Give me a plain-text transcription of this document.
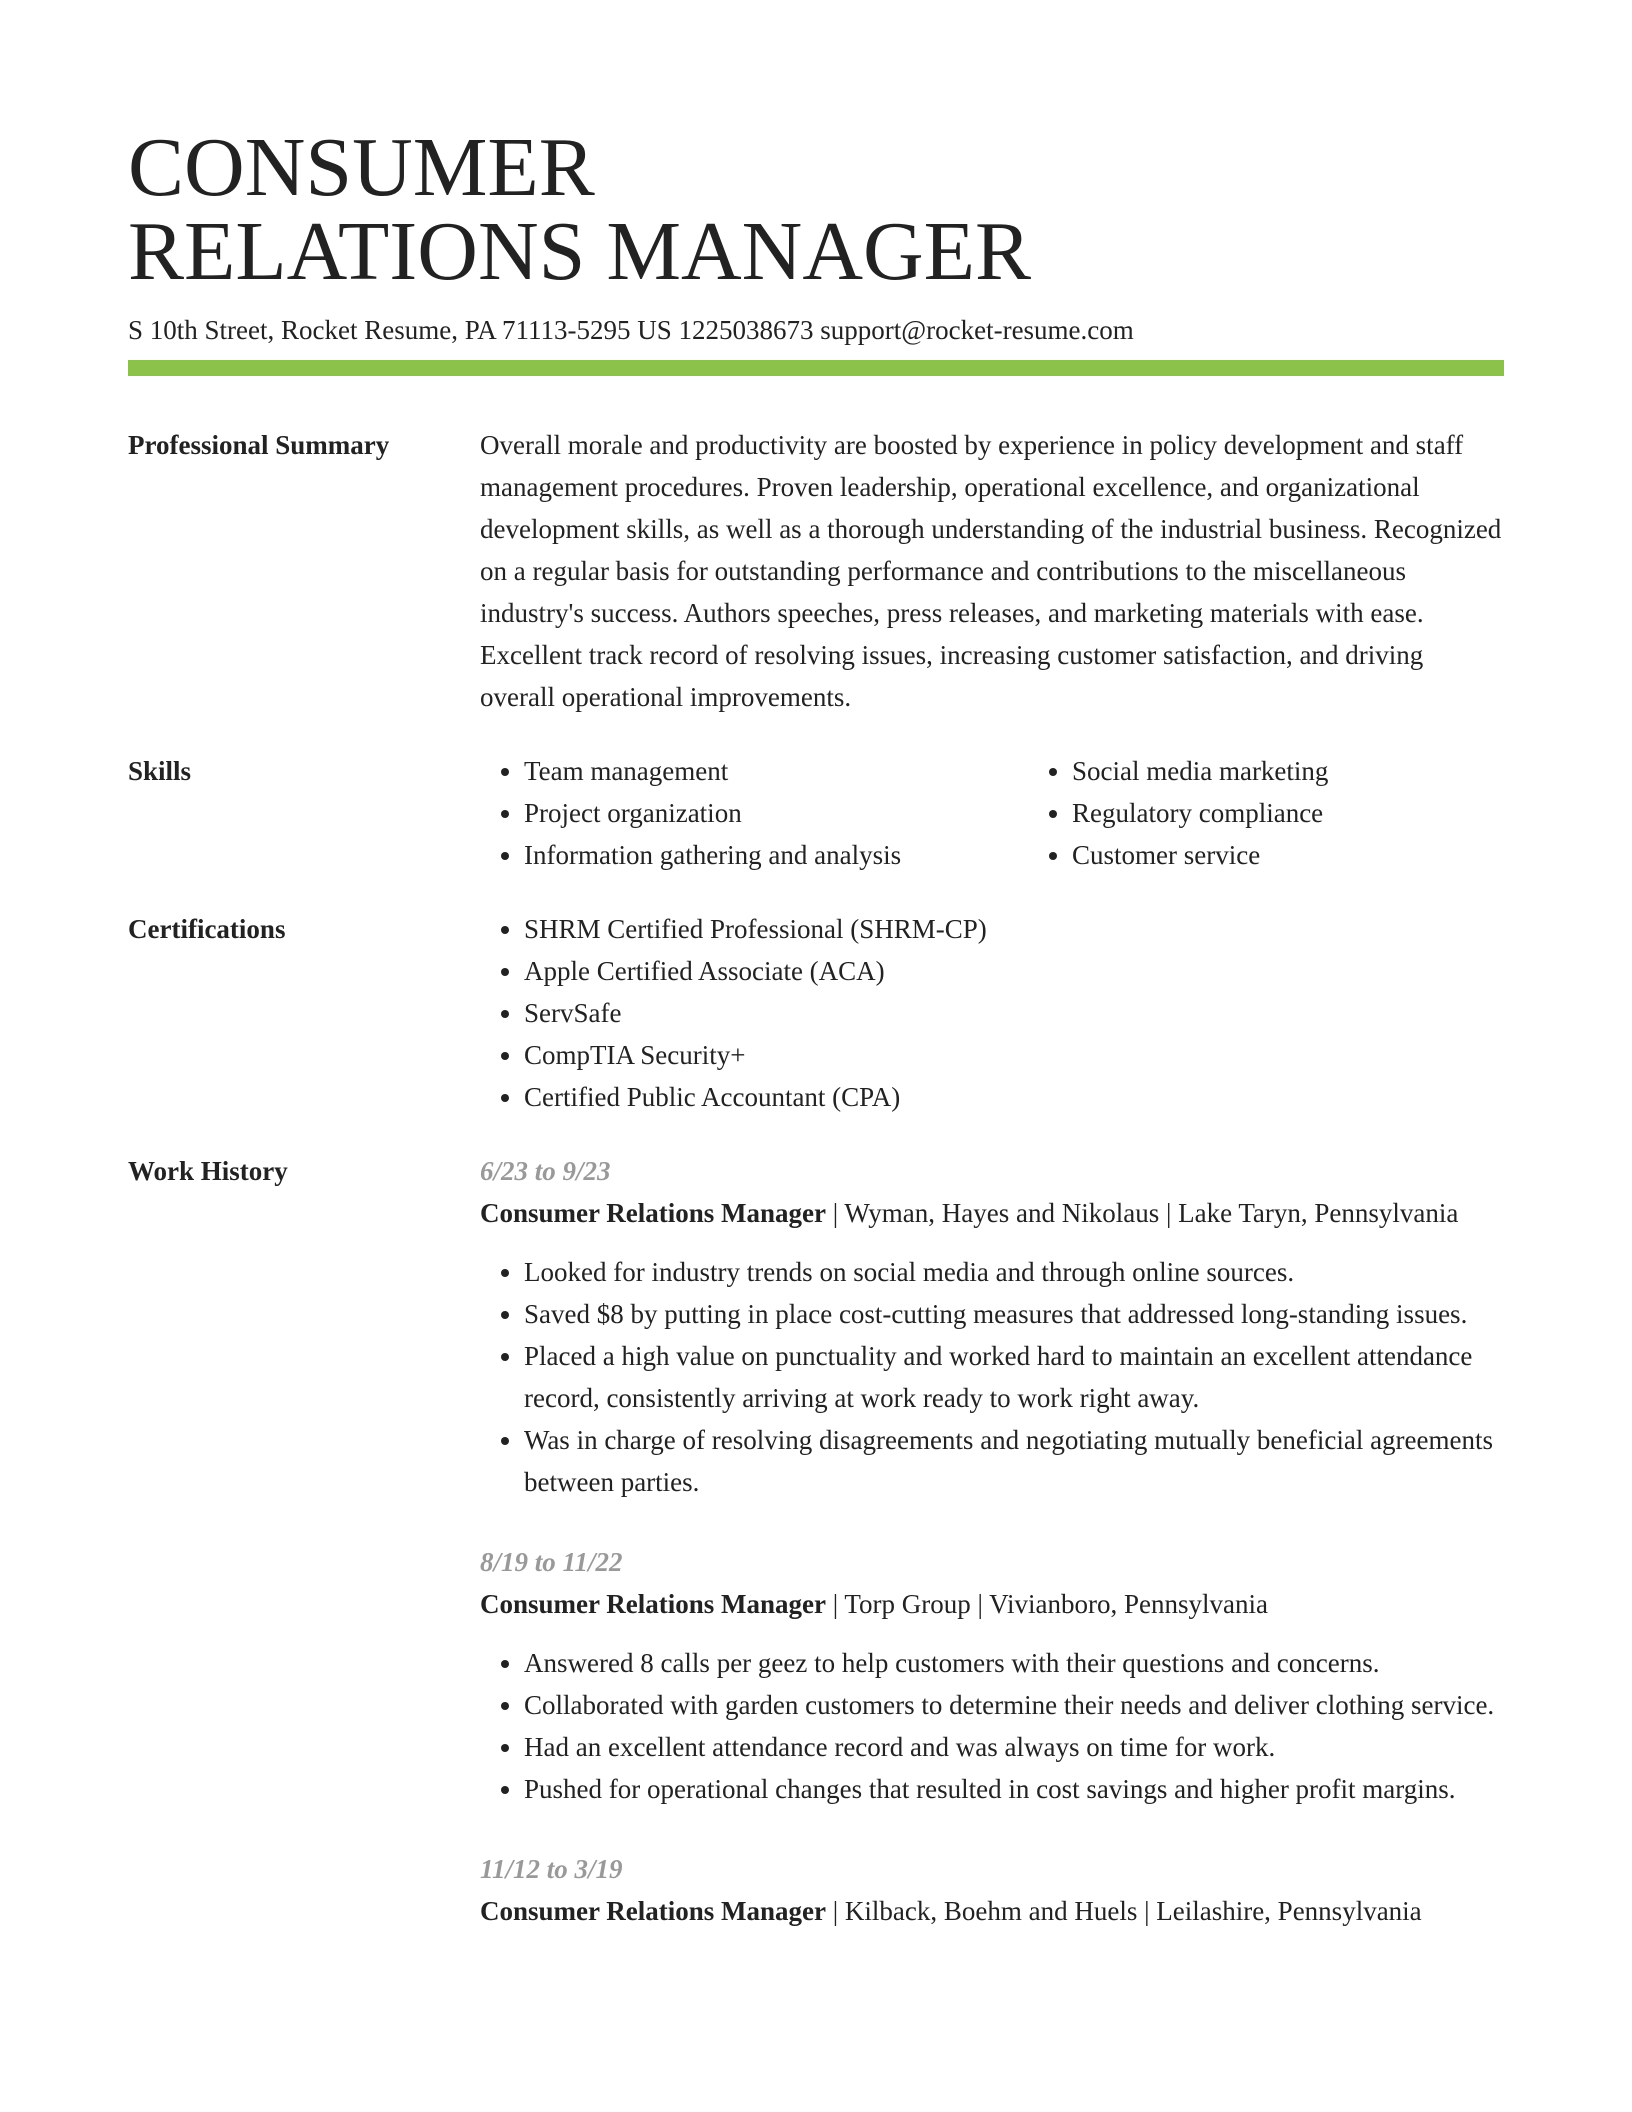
CONSUMER
RELATIONS MANAGER
S 10th Street, Rocket Resume, PA 71113-5295 US 1225038673 support@rocket-resume.com
Professional Summary	Overall morale and productivity are boosted by experience in policy development and staff management procedures. Proven leadership, operational excellence, and organizational development skills, as well as a thorough understanding of the industrial business. Recognized on a regular basis for outstanding performance and contributions to the miscellaneous industry's success. Authors speeches, press releases, and marketing materials with ease. Excellent track record of resolving issues, increasing customer satisfaction, and driving overall operational improvements.

Skills	• Team management
• Project organization
• Information gathering and analysis
• Social media marketing
• Regulatory compliance
• Customer service
Certifications	• SHRM Certified Professional (SHRM-CP)
• Apple Certified Associate (ACA)
• ServSafe
• CompTIA Security+
• Certified Public Accountant (CPA)
Work History	6/23 to 9/23
Consumer Relations Manager | Wyman, Hayes and Nikolaus | Lake Taryn, Pennsylvania
• Looked for industry trends on social media and through online sources.
• Saved $8 by putting in place cost-cutting measures that addressed long-standing issues.
• Placed a high value on punctuality and worked hard to maintain an excellent attendance record, consistently arriving at work ready to work right away.
• Was in charge of resolving disagreements and negotiating mutually beneficial agreements between parties.
8/19 to 11/22
Consumer Relations Manager | Torp Group | Vivianboro, Pennsylvania
• Answered 8 calls per geez to help customers with their questions and concerns.
• Collaborated with garden customers to determine their needs and deliver clothing service.
• Had an excellent attendance record and was always on time for work.
• Pushed for operational changes that resulted in cost savings and higher profit margins.
11/12 to 3/19
Consumer Relations Manager | Kilback, Boehm and Huels | Leilashire, Pennsylvania
